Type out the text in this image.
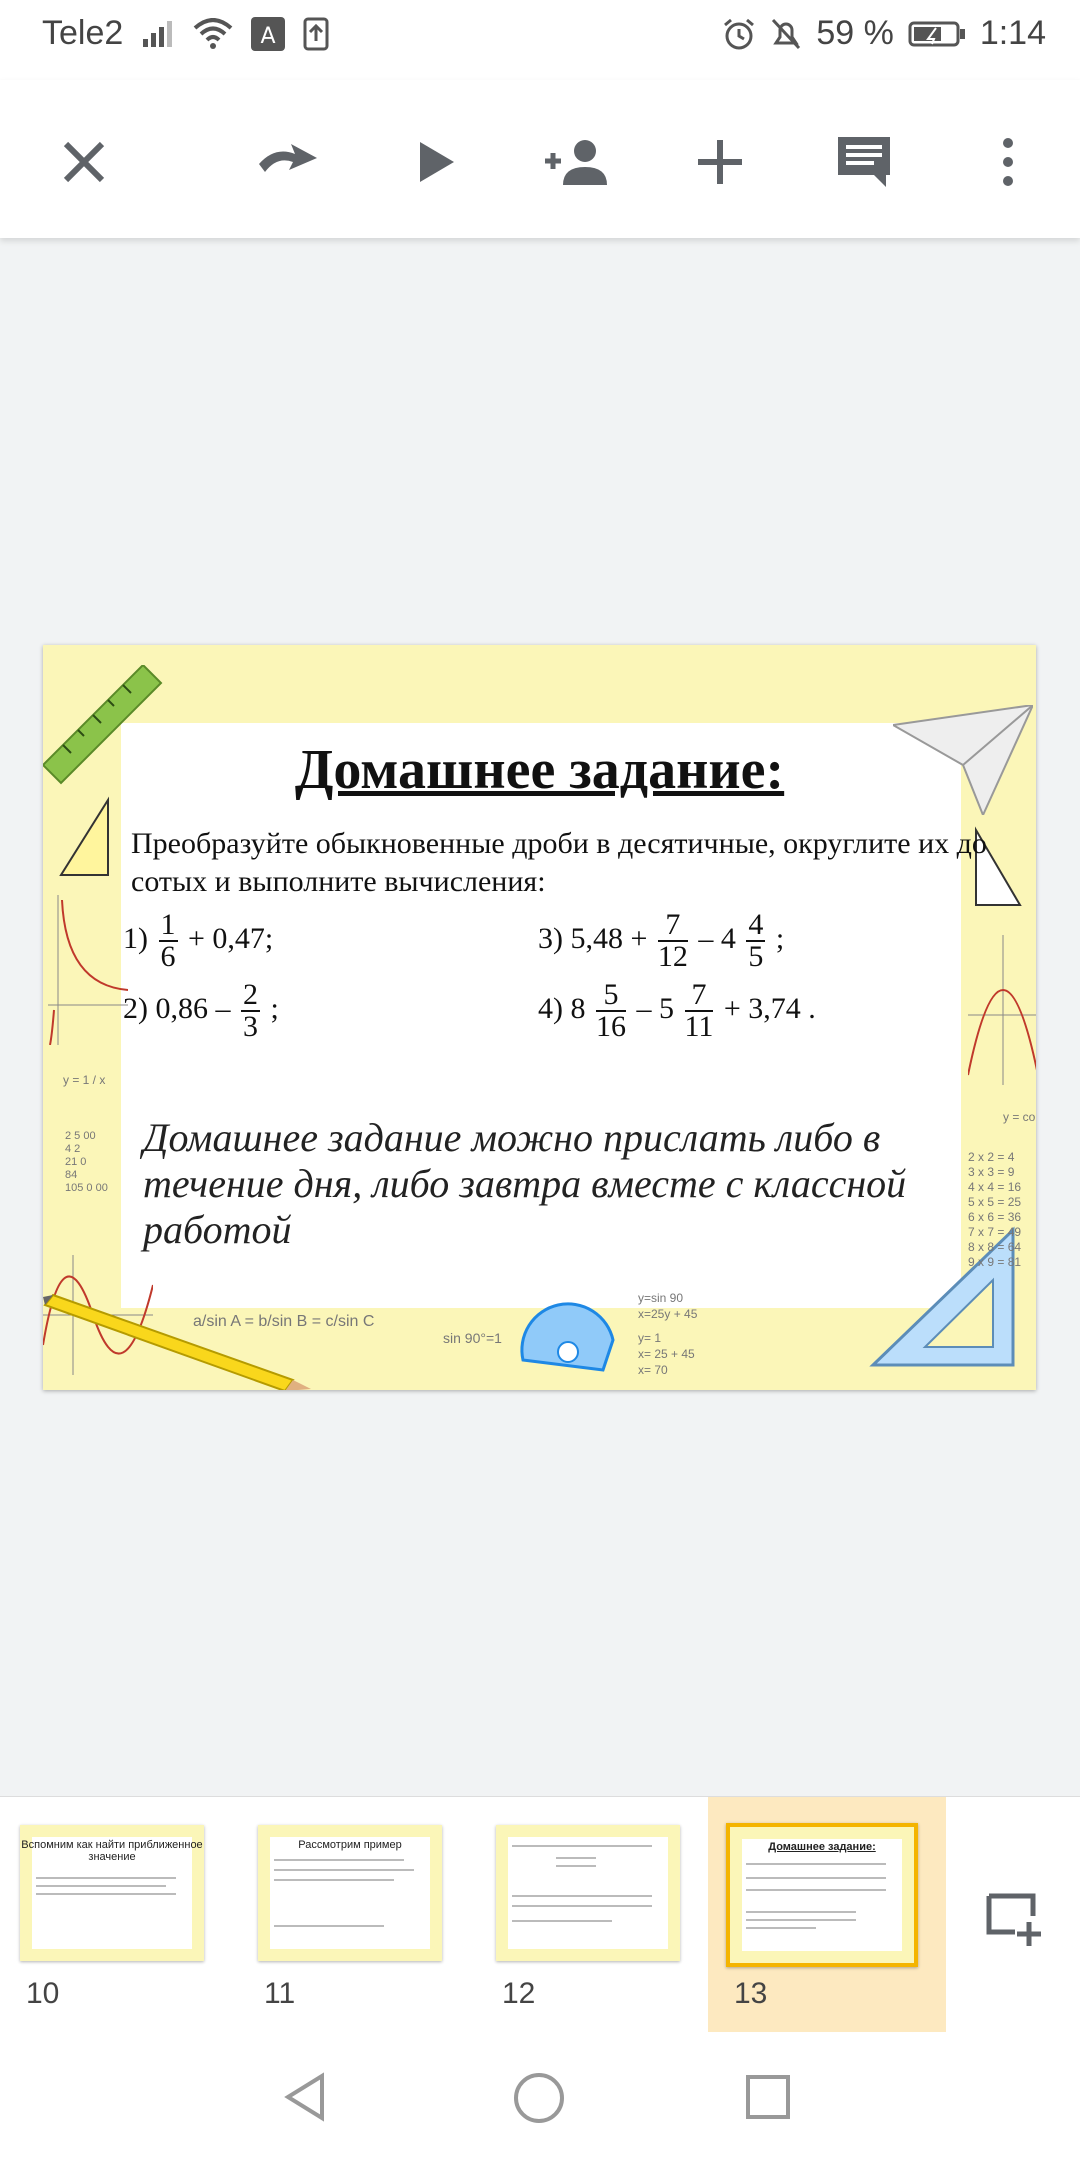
Tele2	A	59 %	1:14
y = 1 / x
a/sin A = b/sin B = c/sin C
sin 90°=1
y=sin 90
x=25y + 45
y= 1
x= 25 + 45
x= 70
y = co
2 x 2 = 4
3 x 3 = 9
4 x 4 = 16
5 x 5 = 25
6 x 6 = 36
7 x 7 = 49
8 x 8 = 64
9 x 9 = 81
2 5 00
4 2
21 0
84
105 0 00
Домашнее задание:
Преобразуйте обыкновенные дроби в десятичные, округлите их до сотых и выполните вычисления:
$1) \frac{1}{6} + 0,47$;
2) $0,86 - \frac{2}{3}$ ;
3) $5,48 + \frac{7}{12} - 4 \frac{4}{5}$ ;
4) $8 \frac{5}{16} - 5 \frac{7}{11} + 3,74$ .
Домашнее задание можно прислать либо в течение дня, либо завтра вместе с классной работой
Вспомним как найти приближенное значение
10
Рассмотрим пример
11	12
Домашнее задание:
13
